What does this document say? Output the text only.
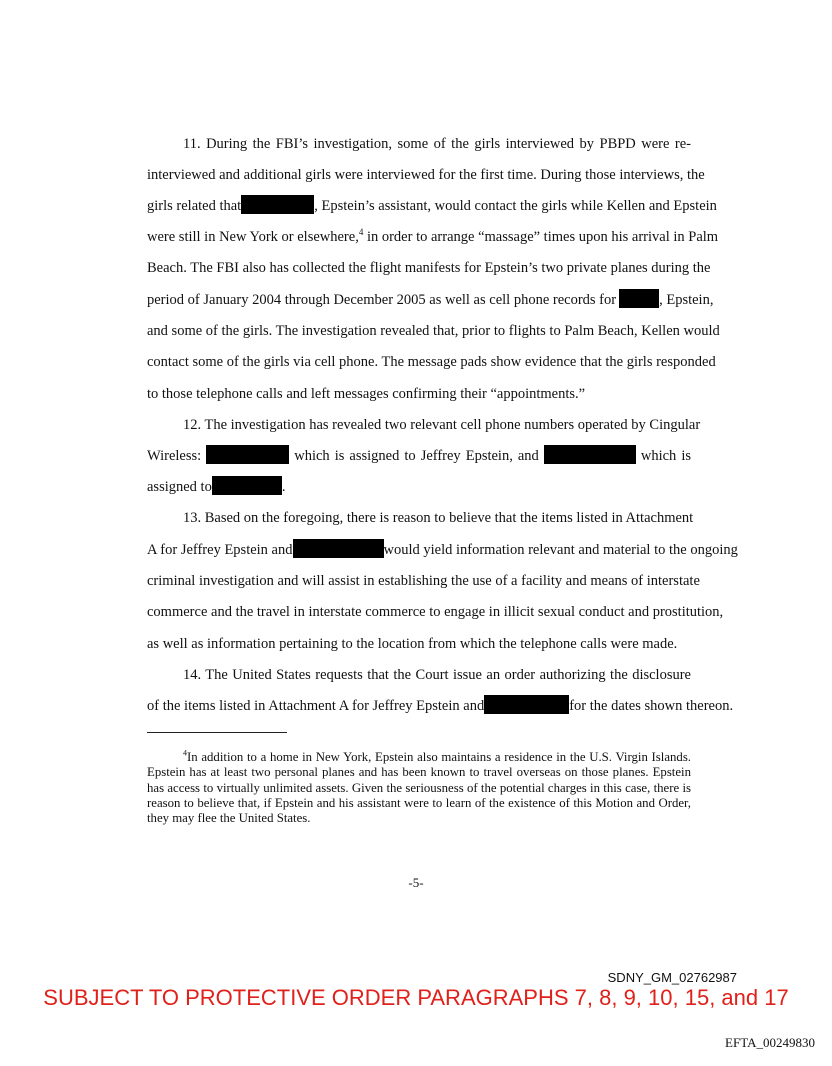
11. During the FBI’s investigation, some of the girls interviewed by PBPD were re-
interviewed and additional girls were interviewed for the first time. During those interviews, the
girls related that	, Epstein’s assistant, would contact the girls while Kellen and Epstein
were still in New York or elsewhere,$^4$ in order to arrange “massage” times upon his arrival in Palm
Beach. The FBI also has collected the flight manifests for Epstein’s two private planes during the
period of January 2004 through December 2005 as well as cell phone records for	, Epstein,
and some of the girls. The investigation revealed that, prior to flights to Palm Beach, Kellen would
contact some of the girls via cell phone. The message pads show evidence that the girls responded
to those telephone calls and left messages confirming their “appointments.”
12. The investigation has revealed two relevant cell phone numbers operated by Cingular
Wireless:	which is assigned to Jeffrey Epstein, and	which is
assigned to	.
13. Based on the foregoing, there is reason to believe that the items listed in Attachment
A for Jeffrey Epstein and	would yield information relevant and material to the ongoing
criminal investigation and will assist in establishing the use of a facility and means of interstate
commerce and the travel in interstate commerce to engage in illicit sexual conduct and prostitution,
as well as information pertaining to the location from which the telephone calls were made.
14. The United States requests that the Court issue an order authorizing the disclosure
of the items listed in Attachment A for Jeffrey Epstein and	for the dates shown thereon.

$^4$In addition to a home in New York, Epstein also maintains a residence in the U.S. Virgin Islands. Epstein has at least two personal planes and has been known to travel overseas on those planes. Epstein has access to virtually unlimited assets. Given the seriousness of the potential charges in this case, there is reason to believe that, if Epstein and his assistant were to learn of the existence of this Motion and Order, they may flee the United States.

-5-
SDNY_GM_02762987
SUBJECT TO PROTECTIVE ORDER PARAGRAPHS 7, 8, 9, 10, 15, and 17
EFTA_00249830
